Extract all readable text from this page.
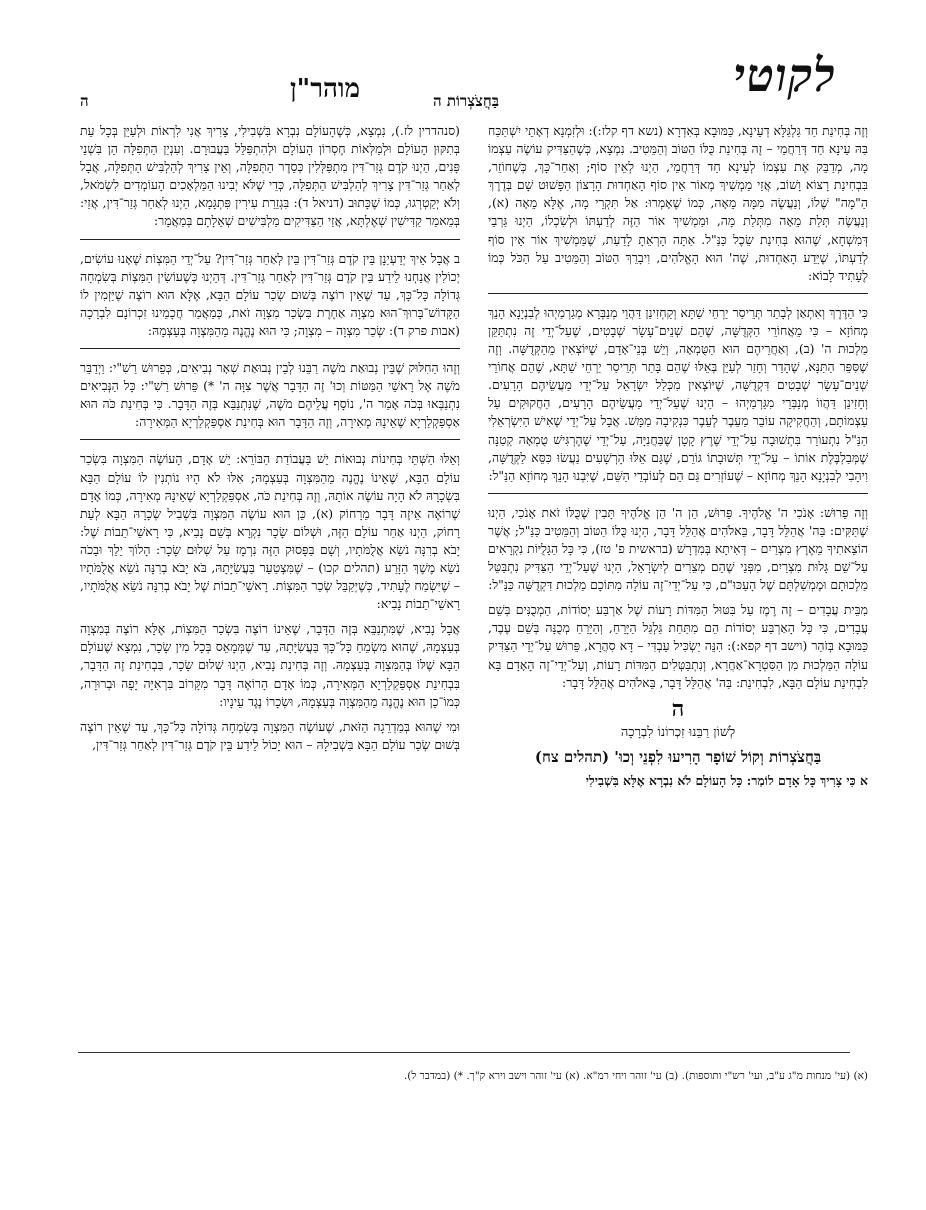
לקוטי
בַּחֲצֹצְרוֹת ה
מוהר"ן
ה

וְזֶה בְּחִינַת חַד גַּלְגַּלָּא דְעֵינָא, כַּמּוּבָא בְּאִדְרָא (נשא דף קלז:): וּלְזִמְנָא דְאָתֵי יִשְׁתַּכַּח בַּהּ עֵינָא חַד דְּרַחֲמֵי – זֶה בְּחִינַת כֻּלּוֹ הַטּוֹב וְהַמֵּטִיב. נִמְצָא, כְּשֶׁהַצַּדִּיק עוֹשֶׂה עַצְמוֹ מָה, מְדַבֵּק אֶת עַצְמוֹ לְעֵינָא חַד דְּרַחֲמֵי, הַיְנוּ לְאֵין סוֹף; וְאַחַר־כָּךְ, כְּשֶׁחוֹזֵר, בִּבְחִינַת רָצוֹא וָשׁוֹב, אֲזַי מַמְשִׁיךְ מְאוֹר אֵין סוֹף הָאַחְדוּת הָרָצוֹן הַפָּשׁוּט שָׁם בְּדֶרֶךְ הַ"מָה" שֶׁלוֹ, וְנַעֲשֶׂה מִמָּה מֵאָה, כְּמוֹ שֶׁאָמְרוּ: אַל תִּקְרֵי מָה, אֶלָּא מֵאָה (א), וְנַעֲשֶׂה תְּלַת מֵאָה מִתְּלַת מָה, וּמַמְשִׁיךְ אוֹר הַזֶּה לְדַעְתּוֹ וּלְשִׂכְלוֹ, הַיְנוּ גַּרְבֵי דְּמִשְׁחָא, שֶׁהוּא בְּחִינַת שֵׂכֶל כַּנַּ"ל. אַתָּה הָרְאֵתָ לָדַעַת, שֶׁמַּמְשִׁיךְ אוֹר אֵין סוֹף לְדַעְתּוֹ, שֶׁיֵּדַע הָאַחְדוּת, שֶׁה' הוּא הָאֱלֹהִים, וִיבָרֵךְ הַטּוֹב וְהַמֵּטִיב עַל הַכֹּל כְּמוֹ לֶעָתִיד לָבוֹא:

כִּי הַדֶּרֶךְ וְאִתְאַן לְבָתַר תְּרֵיסַר יַרְחֵי שַׁתָּא וְקַחְזִינַן דַּהֲוֵי מְנַבְּרָא מְגַרְמַיְהוּ לְבִנְיָנָא הָנֵךְ מְחוֹזָא – כִּי מֵאֲחוֹרֵי הַקְּדֻשָּׁה, שֶׁהֵם שְׁנֵים־עָשָׂר שְׁבָטִים, שֶׁעַל־יְדֵי זֶה נִתְתַּקֵּן מַלְכוּת ה' (ב), וְאַחֲרֵיהֶם הוּא הַטֻּמְאָה, וְיֵשׁ בְּנֵי־אָדָם, שֶׁיּוֹצְאִין מֵהַקְּדֻשָּׁה. וְזֶה שֶׁסִּפֵּר הַתַּנָּא, שֶׁהָדַר וְחָזַר לְעַיֵּן בְּאֵלּוּ שֶׁהֵם בָּתַר תְּרֵיסַר יַרְחֵי שַׁתָּא, שֶׁהֵם אֲחוֹרֵי שְׁנֵים־עָשָׂר שְׁבָטִים דִּקְדֻשָּׁה, שֶׁיּוֹצְאִין מִכְּלַל יִשְׂרָאֵל עַל־יְדֵי מַעֲשֵׂיהֶם הָרָעִים. וְחָזִינַן דַּהֲווֹ מְנַבְּרֵי מִגַּרְמַיְהוּ – הַיְנוּ שֶׁעַל־יְדֵי מַעֲשֵׂיהֶם הָרָעִים, הַחֲקוּקִים עַל עַצְמוֹתָם, וְהַחֲקִיקָה עוֹבֵר מֵעֵבֶר לְעֵבֶר כִּנְקִיבָה מַמָּשׁ. אֲבָל עַל־יְדֵי שֶׁאִישׁ הַיִּשְׂרְאֵלִי הַנַּ"ל נִתְעוֹרֵר בִּתְשׁוּבָה עַל־יְדֵי שֶׁרֶץ קָטָן שֶׁבַּחֲנִיָּה, עַל־יְדֵי שֶׁהֶרְגִּישׁ טֻמְאָה קְטַנָּה שֶׁמְּבַלְבֶּלֶת אוֹתוֹ – עַל־יְדֵי תְּשׁוּבָתוֹ גּוֹרֵם, שֶׁגַּם אֵלּוּ הָרְשָׁעִים נַעֲשׂוּ כִּסֵּא לַקְּדֻשָּׁה, וִיהָבִי לְבִנְיָנָא הָנֵךְ מְחוֹזָא – שֶׁעוֹזְרִים גַּם הֵם לְעוֹבְדֵי הַשֵּׁם, שֶׁיִּבְנוּ הָנֵךְ מְחוֹזָא הַנַּ"ל:

וְזֶה פֵּרוּשׁ: אָנֹכִי ה' אֱלֹהֶיךָ. פֵּרוּשׁ, הֵן ה' הֵן אֱלֹהֶיךָ תָּבִין שֶׁכֻּלּוֹ זֹאת אָנֹכִי, הַיְנוּ שֶׁתַּקִּים: בַּה' אֲהַלֵּל דָּבָר, בֵּאלֹהִים אֲהַלֵּל דָּבָר, הַיְנוּ כֻּלּוֹ הַטּוֹב וְהַמֵּטִיב כַּנַּ"ל; אֲשֶׁר הוֹצֵאתִיךָ מֵאֶרֶץ מִצְרַיִם – דְּאִיתָא בְּמִדְרָשׁ (בראשית פ' טז), כִּי כָּל הַגָּלֻיּוֹת נִקְרָאִים עַל־שֵׁם גָּלוּת מִצְרַיִם, מִפְּנֵי שֶׁהֵם מְצֵרִים לְיִשְׂרָאֵל, הַיְנוּ שֶׁעַל־יְדֵי הַצַּדִּיק נִתְבַּטֵּל מַלְכוּתָם וּמֶמְשַׁלְתָּם שֶׁל הָעַכּוּ"ם, כִּי עַל־יְדֵי־זֶה עוֹלָה מִתּוֹכָם מַלְכוּת דִּקְדֻשָּׁה כַּנַּ"ל:

מִבֵּית עֲבָדִים – זֶה רֶמֶז עַל בִּטּוּל הַמִּדּוֹת רָעוֹת שֶׁל אַרְבַּע יְסוֹדוֹת, הַמְכֻנִּים בְּשֵׁם עֲבָדִים, כִּי כָּל הָאַרְבַּע יְסוֹדוֹת הֵם מִתַּחַת גַּלְגַּל הַיָּרֵחַ, וְהַיָּרֵחַ מְכֻנָּה בְּשֵׁם עֶבֶד, כַּמּוּבָא בְּזֹהַר (וישב דף קפא:): הִנֵּה יַשְׂכִּיל עַבְדִּי – דָּא סִהֲרָא, פֵּרוּשׁ עַל־יְדֵי הַצַּדִּיק עוֹלָה הַמַּלְכוּת מִן הַסִּטְרָא־אַחֲרָא, וְנִתְבַּטְּלִים הַמִּדּוֹת רָעוֹת, וְעַל־יְדֵי־זֶה הָאָדָם בָּא לִבְחִינַת עוֹלָם הַבָּא, לִבְחִינַת: בַּה' אֲהַלֵּל דָּבָר, בֵּאלֹהִים אֲהַלֵּל דָּבָר:

ה
לְשׁוֹן רַבֵּנוּ זִכְרוֹנוֹ לִבְרָכָה
בַּחֲצֹצְרוֹת וְקוֹל שׁוֹפָר הָרִיעוּ לִפְנֵי וְכוּ' (תהלים צח)

א כִּי צָרִיךְ כָּל אָדָם לוֹמַר: כָּל הָעוֹלָם לֹא נִבְרָא אֶלָּא בִּשְׁבִילִי

(סנהדרין לז.), נִמְצָא, כְּשֶׁהָעוֹלָם נִבְרָא בִּשְׁבִילִי, צָרִיךְ אֲנִי לִרְאוֹת וּלְעַיֵּן בְּכָל עֵת בְּתִקּוּן הָעוֹלָם וּלְמַלְּאוֹת חֶסְרוֹן הָעוֹלָם וּלְהִתְפַּלֵּל בַּעֲבוּרָם. וְעִנְיַן הַתְּפִלָּה הֵן בִּשְׁנֵי פָּנִים, הַיְנוּ קֹדֶם גְּזַר־דִּין מִתְפַּלְּלִין כְּסֵדֶר הַתְּפִלָּה, וְאֵין צָרִיךְ לְהַלְבִּישׁ הַתְּפִלָּה, אֲבָל לְאַחַר גְּזַר־דִּין צָרִיךְ לְהַלְבִּישׁ הַתְּפִלָּה, כְּדֵי שֶׁלֹּא יְבִינוּ הַמַּלְאָכִים הָעוֹמְדִים לִשְׂמֹאל, וְלֹא יְקַטְרְגוּ, כְּמוֹ שֶׁכָּתוּב (דניאל ד): בִּגְזֵרַת עִירִין פִּתְגָּמָא, הַיְנוּ לְאַחַר גְּזַר־דִּין, אֲזַי: בְּמֵאמַר קַדִּישִׁין שְׁאֶלְתָּא, אֲזַי הַצַּדִּיקִים מַלְבִּישִׁים שְׁאֵלָתָם בְּמַאֲמָר:

ב אֲבָל אֵיךְ יְדַעְיַנָן בֵּין קֹדֶם גְּזַר־דִּין בֵּין לְאַחַר גְּזַר־דִּין? עַל־יְדֵי הַמִּצְוֹת שֶׁאָנוּ עוֹשִׂים, יְכוֹלִין אֲנַחְנוּ לֵידַע בֵּין קֹדֶם גְּזַר־דִּין לְאַחַר גְּזַר־דִּין. דְּהַיְנוּ כְּשֶׁעוֹשִׂין הַמִּצְוֹת בְּשִׂמְחָה גְּדוֹלָה כָּל־כָּךְ, עַד שֶׁאֵין רוֹצֶה בְּשׁוּם שְׂכַר עוֹלָם הַבָּא, אֶלָּא הוּא רוֹצֶה שֶׁיַּזְמִין לוֹ הַקָּדוֹשׁ־בָּרוּךְ־הוּא מִצְוָה אַחֶרֶת בִּשְׂכַר מִצְוָה זֹאת, כְּמַאֲמַר חֲכָמֵינוּ זִכְרוֹנָם לִבְרָכָה (אבות פרק ד): שְׂכַר מִצְוָה – מִצְוָה; כִּי הוּא נֶהֱנֶה מֵהַמִּצְוָה בְּעַצְמָהּ:

וְזֶהוּ הַחִלּוּק שֶׁבֵּין נְבוּאַת מֹשֶׁה רַבֵּנוּ לְבֵין נְבוּאַת שְׁאָר נְבִיאִים, כְּפֵרוּשׁ רַשִׁ"י: וַיְדַבֵּר מֹשֶׁה אֶל רָאשֵׁי הַמַּטּוֹת וְכוּ' זֶה הַדָּבָר אֲשֶׁר צִוָּה ה' *) פֵּרוּשׁ רַשִׁ"י: כָּל הַנְּבִיאִים נִתְנַבְּאוּ בְּכֹה אָמַר ה', נוֹסָף עֲלֵיהֶם מֹשֶׁה, שֶׁנִּתְנַבֵּא בְּזֶה הַדָּבָר. כִּי בְּחִינַת כֹּה הוּא אַסְפַּקְלַרְיָא שֶׁאֵינָהּ מְאִירָה, וְזֶה הַדָּבָר הוּא בְּחִינַת אַסְפַּקְלַרְיָא הַמְּאִירָה:

וְאֵלּוּ הַשְּׁתֵּי בְּחִינוֹת נְבוּאוֹת יֵשׁ בַּעֲבוֹדַת הַבּוֹרֵא: יֵשׁ אָדָם, הָעוֹשֶׂה הַמִּצְוָה בִּשְׂכַר עוֹלָם הַבָּא, שֶׁאֵינוֹ נֶהֱנֶה מֵהַמִּצְוָה בְּעַצְמָהּ; אִלּוּ לֹא הָיוּ נוֹתְנִין לוֹ עוֹלָם הַבָּא בִּשְׂכָרָהּ לֹא הָיָה עוֹשֶׂה אוֹתָהּ, וְזֶה בְּחִינַת כֹּה, אַסְפַּקְלַרְיָא שֶׁאֵינָהּ מְאִירָה, כְּמוֹ אָדָם שֶׁרוֹאֶה אֵיזֶה דָּבָר מֵרָחוֹק (א), כֵּן הוּא עוֹשֶׂה הַמִּצְוָה בִּשְׁבִיל שְׂכָרָהּ הַבָּא לְעֵת רָחוֹק, הַיְנוּ אַחַר עוֹלָם הַזֶּה, וּשְׁלוֹם שָׂכָר נִקְרָא בְּשֵׁם נָבִיא, כִּי רָאשֵׁי־תֵבוֹת שֶׁל: יָבֹא בְרִנָּה נֹשֵׂא אֲלֻמֹּתָיו, וְשָׁם בַּפָּסוּק הַזֶּה נִרְמָז עַל שְׁלוּם שָׂכָר: הָלוֹךְ יֵלֵךְ וּבָכֹה נֹשֵׂא מֶשֶׁךְ הַזָּרַע (תהלים קכו) – שֶׁמִּצְטַעֵר בַּעֲשִׂיָּתָהּ, בֹּא יָבֹא בְרִנָּה נֹשֵׂא אֲלֻמֹּתָיו – שֶׁיִּשְׂמַח לֶעָתִיד, כְּשֶׁיְּקַבֵּל שְׂכַר הַמִּצְוֹת. רָאשֵׁי־תֵבוֹת שֶׁל יָבֹא בְרִנָּה נֹשֵׂא אֲלֻמֹּתָיו, רָאשֵׁי־תֵבוֹת נָבִיא:

אֲבָל נָבִיא, שֶׁמִּתְנַבֵּא בְּזֶה הַדָּבָר, שֶׁאֵינוֹ רוֹצֶה בִּשְׂכַר הַמִּצְוֹת, אֶלָּא רוֹצֶה בְּמִצְוָה בְּעַצְמָהּ, שֶׁהוּא מִשְׂמֵחַ כָּל־כָּךְ בַּעֲשִׂיָּתָהּ, עַד שֶׁמְּמָאֵס בְּכָל מִין שָׂכָר, נִמְצָא שֶׁעוֹלָם הַבָּא שֶׁלּוֹ בְּהַמִּצְוָה בְּעַצְמָהּ. וְזֶה בְּחִינַת נָבִיא, הַיְנוּ שְׁלוּם שָׂכָר, בִּבְחִינַת זֶה הַדָּבָר, בִּבְחִינַת אַסְפַּקְלַרְיָא הַמְּאִירָה, כְּמוֹ אָדָם הָרוֹאֶה דָּבָר מִקָּרוֹב בִּרְאִיָּה יָפָה וּבְרוּרָה, כְּמוֹ־כֵן הוּא נֶהֱנֶה מֵהַמִּצְוָה בְּעַצְמָהּ, וּשְׂכָרוֹ נֶגֶד עֵינָיו:

וּמִי שֶׁהוּא בְּמַדְרֵגָה הַזֹּאת, שֶׁעוֹשֶׂה הַמִּצְוָה בְּשִׂמְחָה גְּדוֹלָה כָּל־כָּךְ, עַד שֶׁאֵין רוֹצֶה בְּשׁוּם שְׂכַר עוֹלָם הַבָּא בִּשְׁבִילָהּ – הוּא יָכוֹל לֵידַע בֵּין קֹדֶם גְּזַר־דִּין לְאַחַר גְּזַר־דִּין,

(א) (עי' מנחות מ"ג ע"ב, ועי' רש"י ותוספות). (ב) עי' זוהר ויחי רמ"א. (א) עי' זוהר וישב וירא ק"ך. *) (במדבר ל).
